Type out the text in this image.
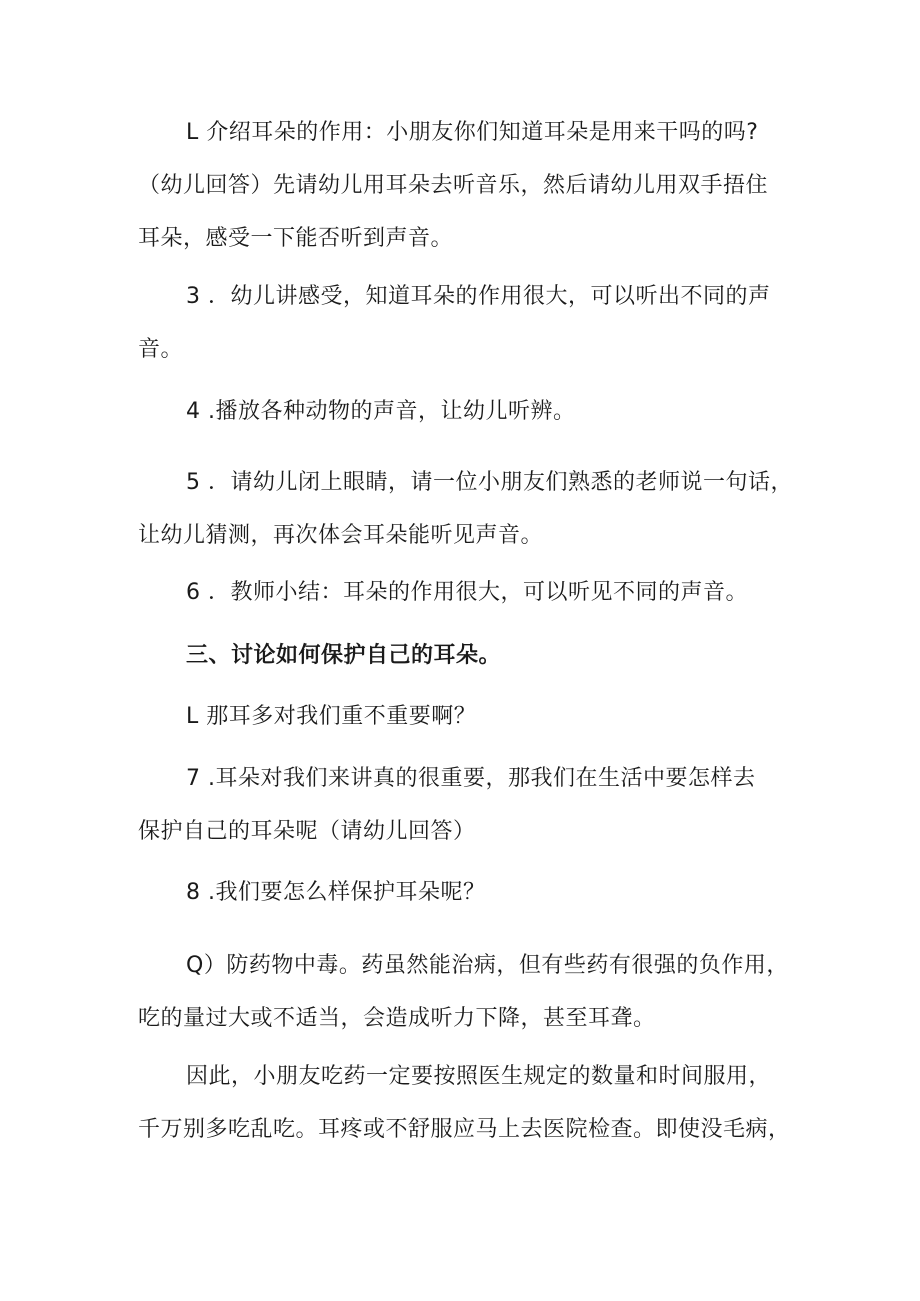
L 介绍耳朵的作用：小朋友你们知道耳朵是用来干吗的吗?
（幼儿回答）先请幼儿用耳朵去听音乐，然后请幼儿用双手捂住
耳朵，感受一下能否听到声音。
3 ．幼儿讲感受，知道耳朵的作用很大，可以听出不同的声
音。
4 .播放各种动物的声音，让幼儿听辨。
5 ．请幼儿闭上眼睛，请一位小朋友们熟悉的老师说一句话，
让幼儿猜测，再次体会耳朵能听见声音。
6 ．教师小结：耳朵的作用很大，可以听见不同的声音。
三、讨论如何保护自己的耳朵。
L 那耳多对我们重不重要啊？
7 .耳朵对我们来讲真的很重要，那我们在生活中要怎样去
保护自己的耳朵呢（请幼儿回答）
8 .我们要怎么样保护耳朵呢？
Q）防药物中毒。药虽然能治病，但有些药有很强的负作用，
吃的量过大或不适当，会造成听力下降，甚至耳聋。
因此，小朋友吃药一定要按照医生规定的数量和时间服用，
千万别多吃乱吃。耳疼或不舒服应马上去医院检查。即使没毛病，
